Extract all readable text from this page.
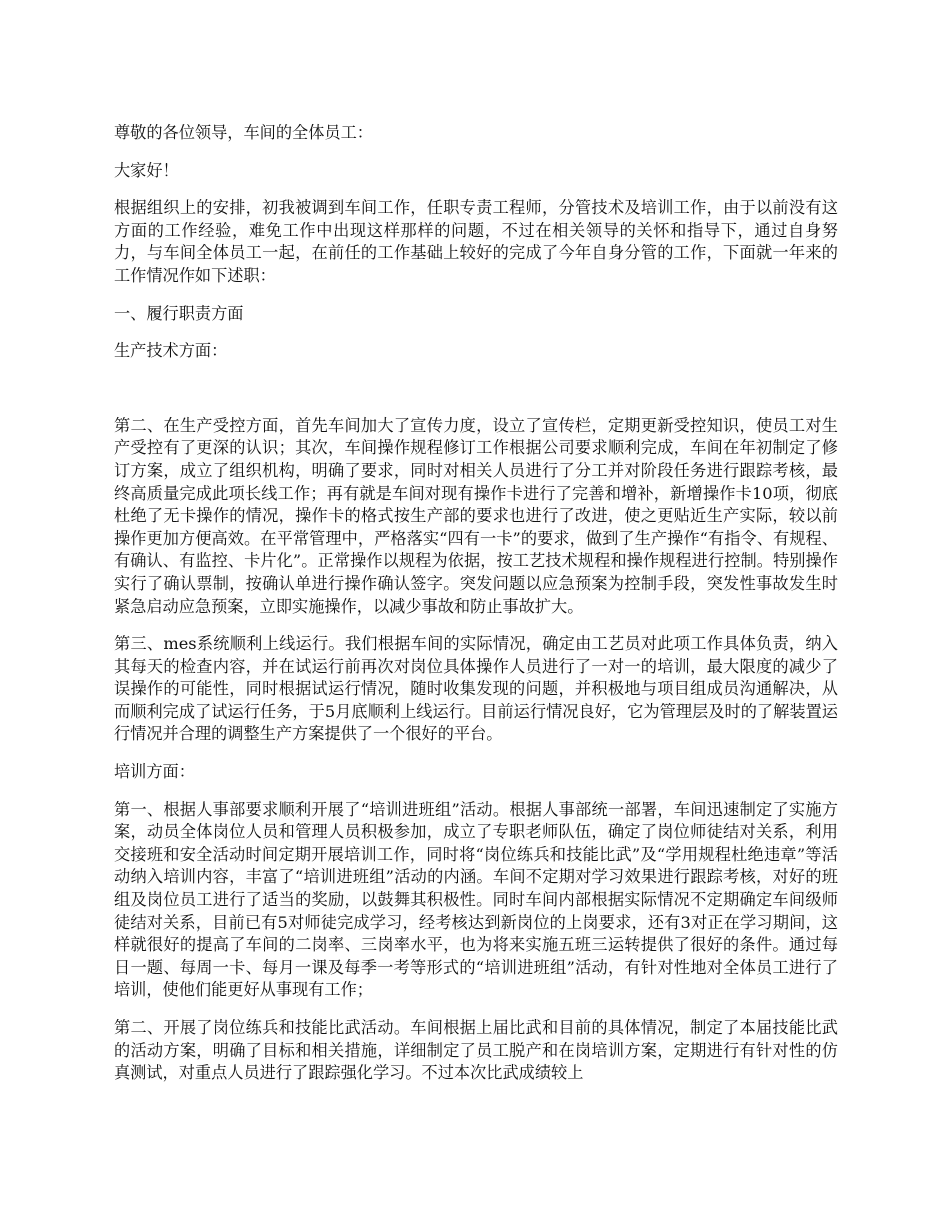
尊敬的各位领导，车间的全体员工：

大家好！

根据组织上的安排，初我被调到车间工作，任职专责工程师，分管技术及培训工作，由于以前没有这方面的工作经验，难免工作中出现这样那样的问题，不过在相关领导的关怀和指导下，通过自身努力，与车间全体员工一起，在前任的工作基础上较好的完成了今年自身分管的工作，下面就一年来的工作情况作如下述职：

一、履行职责方面

生产技术方面：

第二、在生产受控方面，首先车间加大了宣传力度，设立了宣传栏，定期更新受控知识，使员工对生产受控有了更深的认识；其次，车间操作规程修订工作根据公司要求顺利完成，车间在年初制定了修订方案，成立了组织机构，明确了要求，同时对相关人员进行了分工并对阶段任务进行跟踪考核，最终高质量完成此项长线工作；再有就是车间对现有操作卡进行了完善和增补，新增操作卡10项，彻底杜绝了无卡操作的情况，操作卡的格式按生产部的要求也进行了改进，使之更贴近生产实际，较以前操作更加方便高效。在平常管理中，严格落实“四有一卡”的要求，做到了生产操作“有指令、有规程、有确认、有监控、卡片化”。正常操作以规程为依据，按工艺技术规程和操作规程进行控制。特别操作实行了确认票制，按确认单进行操作确认签字。突发问题以应急预案为控制手段，突发性事故发生时紧急启动应急预案，立即实施操作，以减少事故和防止事故扩大。

第三、mes系统顺利上线运行。我们根据车间的实际情况，确定由工艺员对此项工作具体负责，纳入其每天的检查内容，并在试运行前再次对岗位具体操作人员进行了一对一的培训，最大限度的减少了误操作的可能性，同时根据试运行情况，随时收集发现的问题，并积极地与项目组成员沟通解决，从而顺利完成了试运行任务，于5月底顺利上线运行。目前运行情况良好，它为管理层及时的了解装置运行情况并合理的调整生产方案提供了一个很好的平台。

培训方面：

第一、根据人事部要求顺利开展了“培训进班组”活动。根据人事部统一部署，车间迅速制定了实施方案，动员全体岗位人员和管理人员积极参加，成立了专职老师队伍，确定了岗位师徒结对关系，利用交接班和安全活动时间定期开展培训工作，同时将“岗位练兵和技能比武”及“学用规程杜绝违章”等活动纳入培训内容，丰富了“培训进班组”活动的内涵。车间不定期对学习效果进行跟踪考核，对好的班组及岗位员工进行了适当的奖励，以鼓舞其积极性。同时车间内部根据实际情况不定期确定车间级师徒结对关系，目前已有5对师徒完成学习，经考核达到新岗位的上岗要求，还有3对正在学习期间，这样就很好的提高了车间的二岗率、三岗率水平，也为将来实施五班三运转提供了很好的条件。通过每日一题、每周一卡、每月一课及每季一考等形式的“培训进班组”活动，有针对性地对全体员工进行了培训，使他们能更好从事现有工作；

第二、开展了岗位练兵和技能比武活动。车间根据上届比武和目前的具体情况，制定了本届技能比武的活动方案，明确了目标和相关措施，详细制定了员工脱产和在岗培训方案，定期进行有针对性的仿真测试，对重点人员进行了跟踪强化学习。不过本次比武成绩较上
